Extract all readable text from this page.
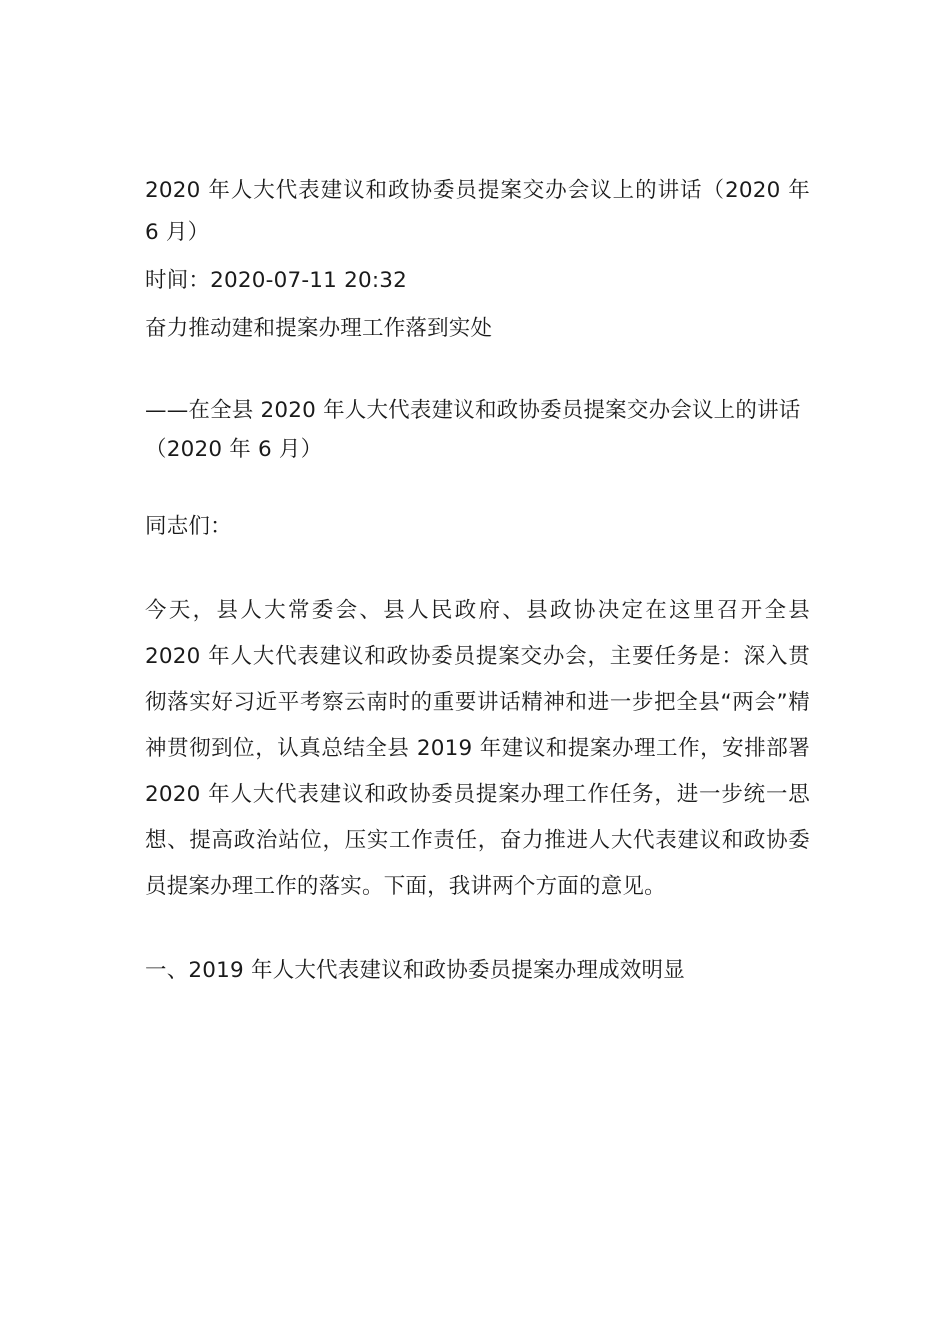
2020 年人大代表建议和政协委员提案交办会议上的讲话（2020 年 6 月）

时间：2020-07-11 20:32

奋力推动建和提案办理工作落到实处

——在全县 2020 年人大代表建议和政协委员提案交办会议上的讲话

（2020 年 6 月）

同志们：

今天，县人大常委会、县人民政府、县政协决定在这里召开全县 2020 年人大代表建议和政协委员提案交办会，主要任务是：深入贯彻落实好习近平考察云南时的重要讲话精神和进一步把全县“两会”精神贯彻到位，认真总结全县 2019 年建议和提案办理工作，安排部署 2020 年人大代表建议和政协委员提案办理工作任务，进一步统一思想、提高政治站位，压实工作责任，奋力推进人大代表建议和政协委员提案办理工作的落实。下面，我讲两个方面的意见。

一、2019 年人大代表建议和政协委员提案办理成效明显
